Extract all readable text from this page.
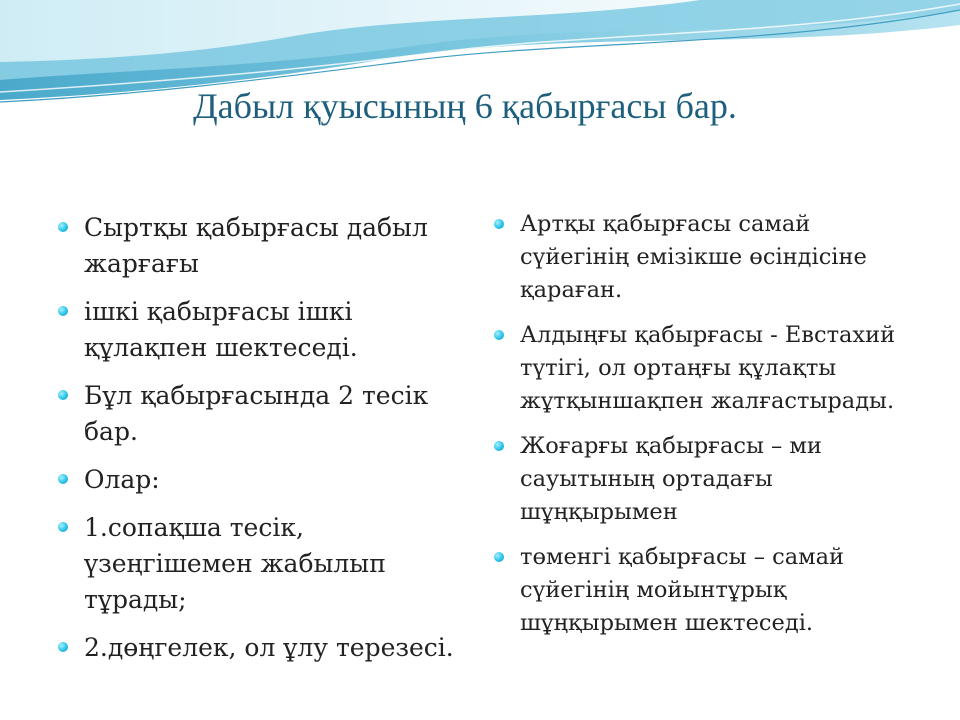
Дабыл қуысының 6 қабырғасы бар.
Сыртқы қабырғасы дабыл жарғағы
ішкі қабырғасы ішкі құлақпен шектеседі.
Бұл қабырғасында 2 тесік бар.
Олар:
1.сопақша тесік, үзеңгішемен жабылып тұрады;
2.дөңгелек, ол ұлу терезесі.
Артқы қабырғасы самай сүйегінің емізікше өсіндісіне қараған.
Алдыңғы қабырғасы - Евстахий түтігі, ол ортаңғы құлақты жұтқыншақпен жалғастырады.
Жоғарғы қабырғасы – ми сауытының ортадағы шұңқырымен
төменгі қабырғасы – самай сүйегінің мойынтұрық шұңқырымен шектеседі.
